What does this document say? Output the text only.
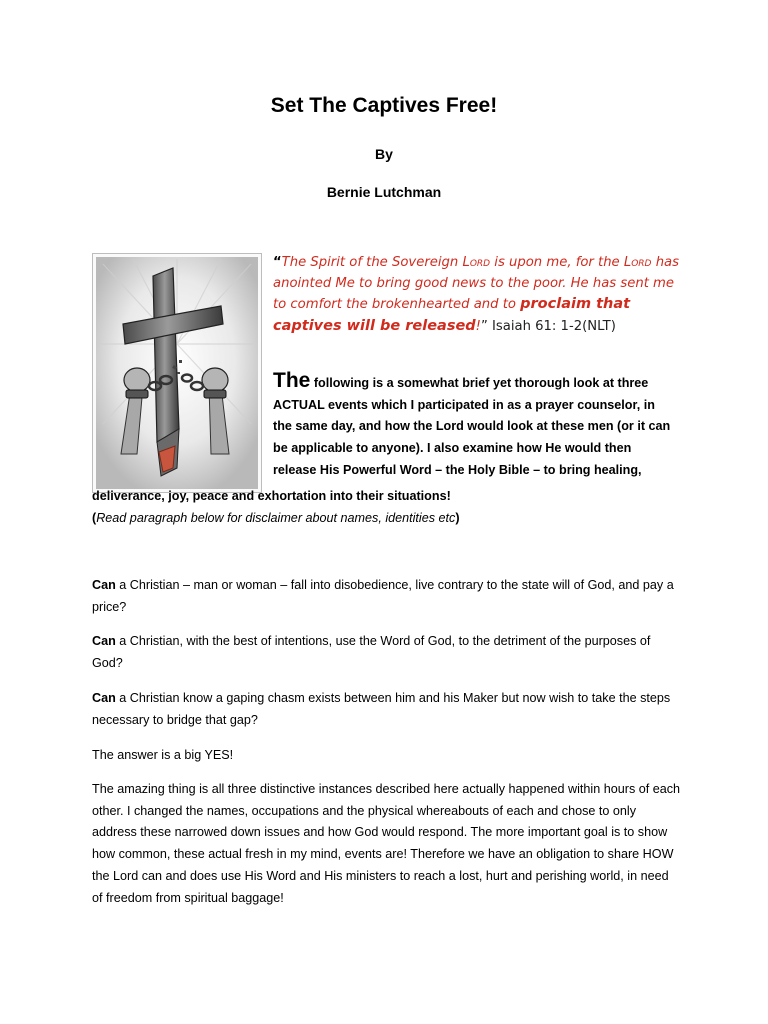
Set The Captives Free!
By
Bernie Lutchman
“The Spirit of the Sovereign Lord is upon me, for the Lord has anointed Me to bring good news to the poor. He has sent me to comfort the brokenhearted and to proclaim that captives will be released!” Isaiah 61: 1-2(NLT)
The following is a somewhat brief yet thorough look at three ACTUAL events which I participated in as a prayer counselor, in the same day, and how the Lord would look at these men (or it can be applicable to anyone). I also examine how He would then release His Powerful Word – the Holy Bible – to bring healing,
deliverance, joy, peace and exhortation into their situations!
(Read paragraph below for disclaimer about names, identities etc)
Can a Christian – man or woman – fall into disobedience, live contrary to the state will of God, and pay a price?
Can a Christian, with the best of intentions, use the Word of God, to the detriment of the purposes of God?
Can a Christian know a gaping chasm exists between him and his Maker but now wish to take the steps necessary to bridge that gap?
The answer is a big YES!
The amazing thing is all three distinctive instances described here actually happened within hours of each other. I changed the names, occupations and the physical whereabouts of each and chose to only address these narrowed down issues and how God would respond. The more important goal is to show how common, these actual fresh in my mind, events are! Therefore we have an obligation to share HOW the Lord can and does use His Word and His ministers to reach a lost, hurt and perishing world, in need of freedom from spiritual baggage!
